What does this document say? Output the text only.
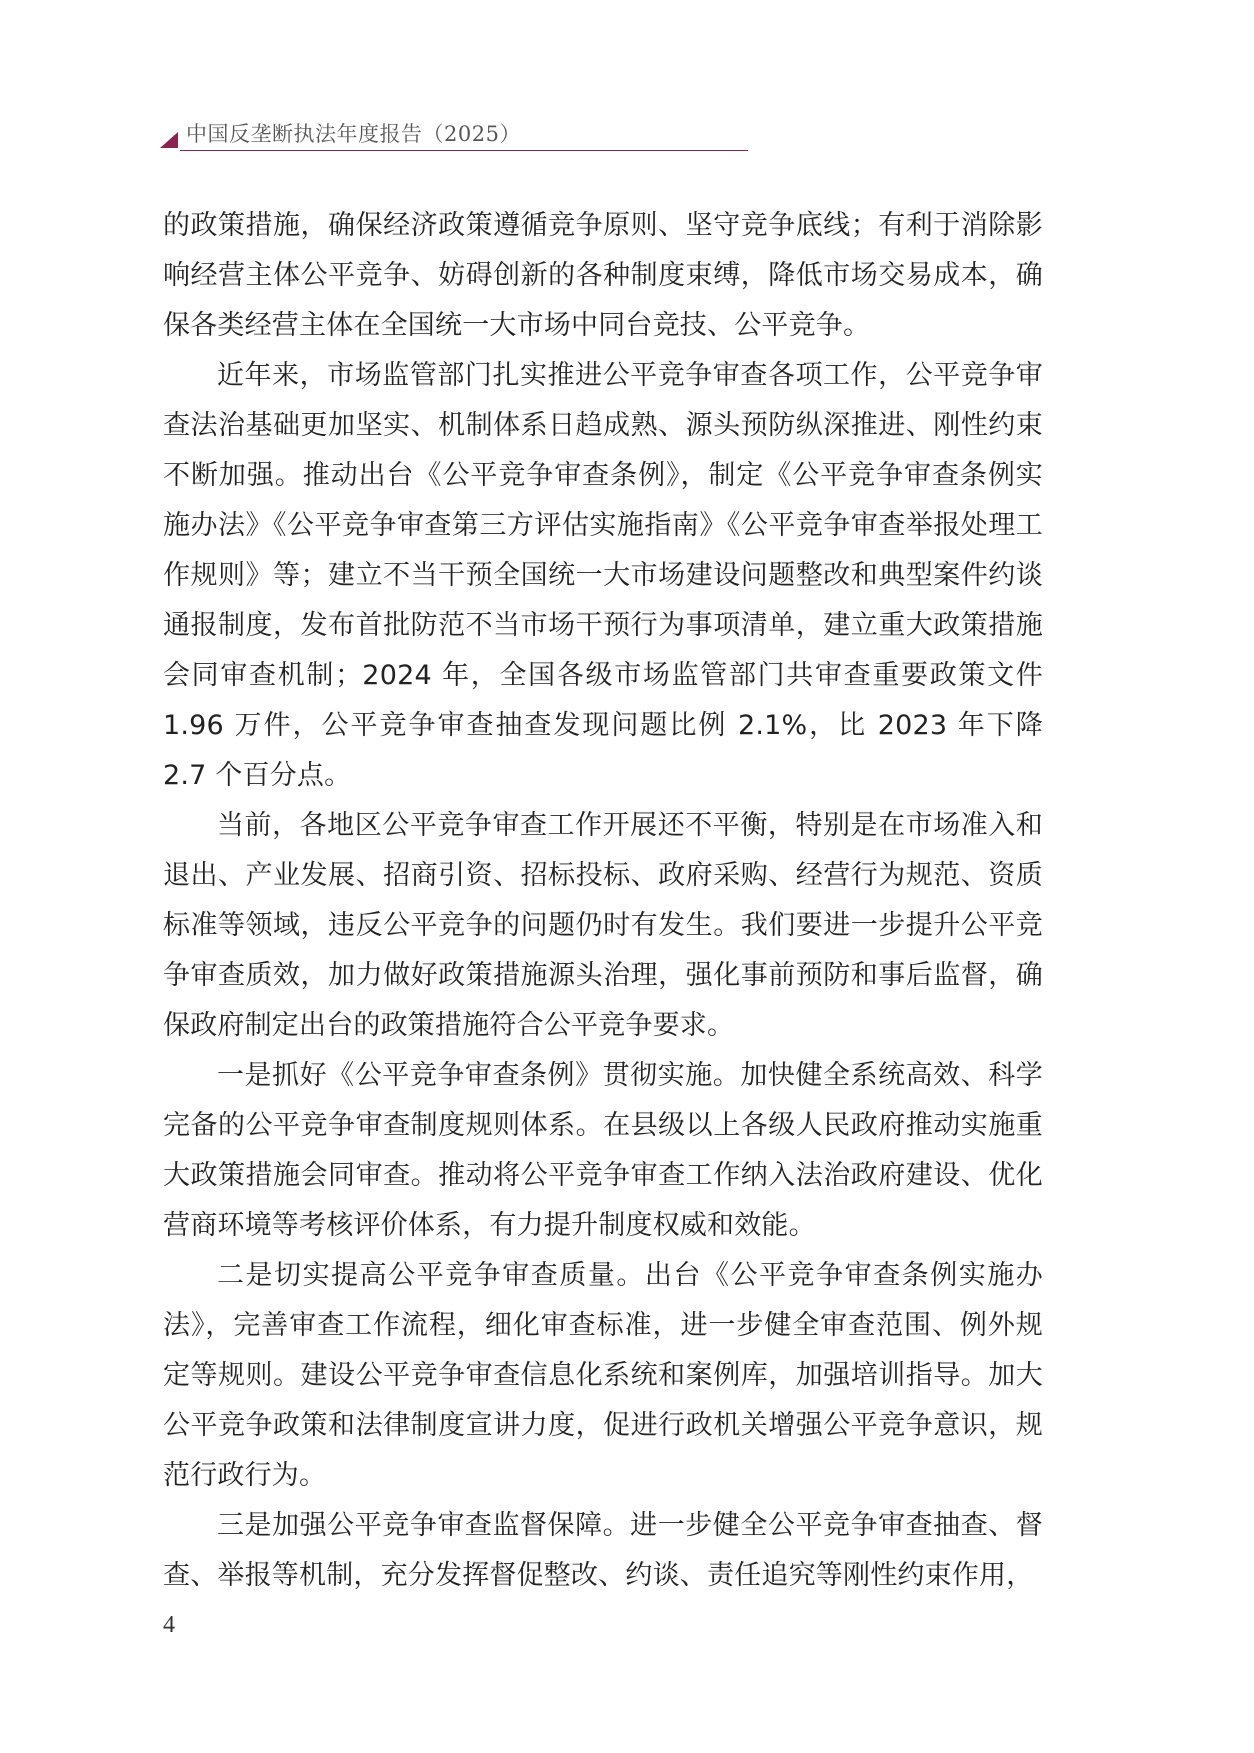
中国反垄断执法年度报告（2025）

的政策措施，确保经济政策遵循竞争原则、坚守竞争底线；有利于消除影响经营主体公平竞争、妨碍创新的各种制度束缚，降低市场交易成本，确保各类经营主体在全国统一大市场中同台竞技、公平竞争。

近年来，市场监管部门扎实推进公平竞争审查各项工作，公平竞争审查法治基础更加坚实、机制体系日趋成熟、源头预防纵深推进、刚性约束不断加强。推动出台《公平竞争审查条例》，制定《公平竞争审查条例实施办法》《公平竞争审查第三方评估实施指南》《公平竞争审查举报处理工作规则》等；建立不当干预全国统一大市场建设问题整改和典型案件约谈通报制度，发布首批防范不当市场干预行为事项清单，建立重大政策措施会同审查机制；2024 年，全国各级市场监管部门共审查重要政策文件 1.96 万件，公平竞争审查抽查发现问题比例 2.1%，比 2023 年下降 2.7 个百分点。

当前，各地区公平竞争审查工作开展还不平衡，特别是在市场准入和退出、产业发展、招商引资、招标投标、政府采购、经营行为规范、资质标准等领域，违反公平竞争的问题仍时有发生。我们要进一步提升公平竞争审查质效，加力做好政策措施源头治理，强化事前预防和事后监督，确保政府制定出台的政策措施符合公平竞争要求。

一是抓好《公平竞争审查条例》贯彻实施。加快健全系统高效、科学完备的公平竞争审查制度规则体系。在县级以上各级人民政府推动实施重大政策措施会同审查。推动将公平竞争审查工作纳入法治政府建设、优化营商环境等考核评价体系，有力提升制度权威和效能。

二是切实提高公平竞争审查质量。出台《公平竞争审查条例实施办法》，完善审查工作流程，细化审查标准，进一步健全审查范围、例外规定等规则。建设公平竞争审查信息化系统和案例库，加强培训指导。加大公平竞争政策和法律制度宣讲力度，促进行政机关增强公平竞争意识，规范行政行为。

三是加强公平竞争审查监督保障。进一步健全公平竞争审查抽查、督查、举报等机制，充分发挥督促整改、约谈、责任追究等刚性约束作用，

4
